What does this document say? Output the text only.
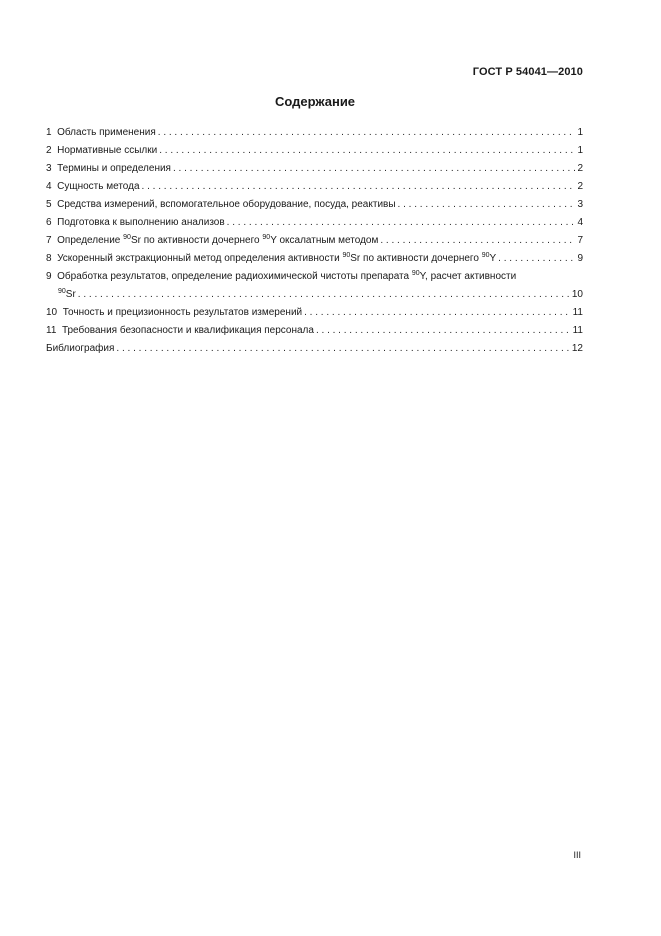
ГОСТ Р 54041—2010
Содержание
1
Область применения . . .	1
2
Нормативные ссылки . . .	1
3
Термины и определения . . .	2
4
Сущность метода . . .	2
5
Средства измерений, вспомогательное оборудование, посуда, реактивы . . .	3
6
Подготовка к выполнению анализов . . .	4
7
Определение $^{90}$Sr по активности дочернего $^{90}$Y оксалатным методом . . .	7
8
Ускоренный экстракционный метод определения активности $^{90}$Sr по активности дочернего $^{90}$Y . . .	9
9
Обработка результатов, определение радиохимической чистоты препарата $^{90}$Y, расчет активности
$^{90}$Sr . . .	10
10
Точность и прецизионность результатов измерений . . .	11
11
Требования безопасности и квалификация персонала . . .	11
Библиография . . .	12
III
